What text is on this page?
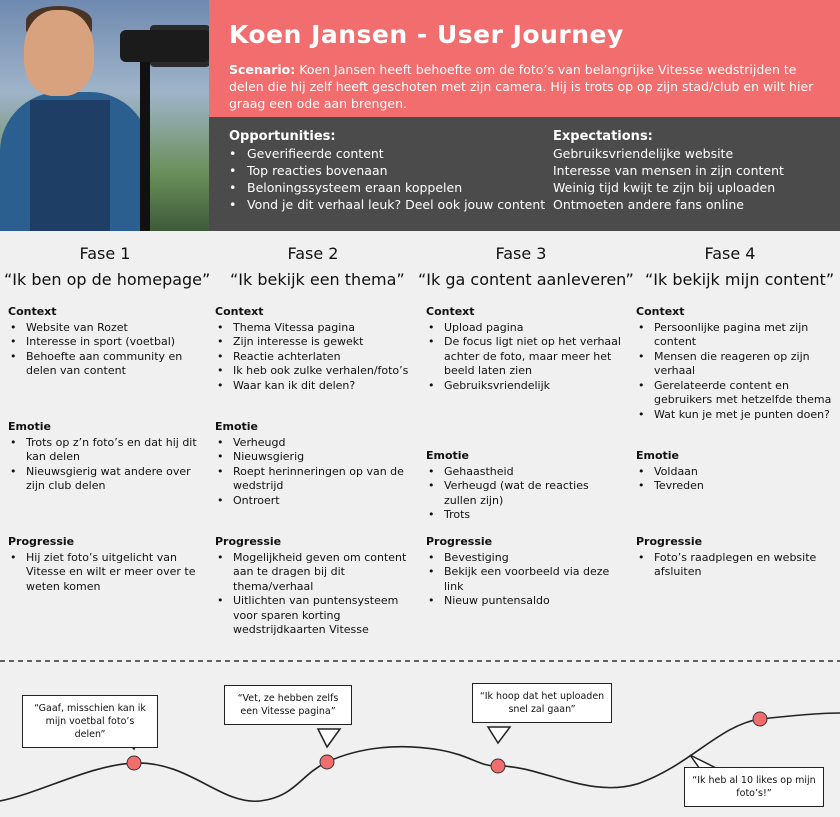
Koen Jansen - User Journey

Scenario: Koen Jansen heeft behoefte om de foto’s van belangrijke Vitesse wedstrijden te delen die hij zelf heeft geschoten met zijn camera. Hij is trots op op zijn stad/club en wilt hier graag een ode aan brengen.

Opportunities:
• Geverifieerde content
• Top reacties bovenaan
• Beloningssysteem eraan koppelen
• Vond je dit verhaal leuk? Deel ook jouw content
Expectations:
Gebruiksvriendelijke website
Interesse van mensen in zijn content
Weinig tijd kwijt te zijn bij uploaden
Ontmoeten andere fans online
Fase 1
“Ik ben op de homepage”
Context
• Website van Rozet
• Interesse in sport (voetbal)
• Behoefte aan community en delen van content
Emotie
• Trots op z’n foto’s en dat hij dit kan delen
• Nieuwsgierig wat andere over zijn club delen
Progressie
• Hij ziet foto’s uitgelicht van Vitesse en wilt er meer over te weten komen
Fase 2
“Ik bekijk een thema”
Context
• Thema Vitessa pagina
• Zijn interesse is gewekt
• Reactie achterlaten
• Ik heb ook zulke verhalen/foto’s
• Waar kan ik dit delen?
Emotie
• Verheugd
• Nieuwsgierig
• Roept herinneringen op van de wedstrijd
• Ontroert
Progressie
• Mogelijkheid geven om content aan te dragen bij dit thema/verhaal
• Uitlichten van puntensysteem voor sparen korting wedstrijdkaarten Vitesse
Fase 3
“Ik ga content aanleveren”
Context
• Upload pagina
• De focus ligt niet op het verhaal achter de foto, maar meer het beeld laten zien
• Gebruiksvriendelijk
Emotie
• Gehaastheid
• Verheugd (wat de reacties zullen zijn)
• Trots
Progressie
• Bevestiging
• Bekijk een voorbeeld via deze link
• Nieuw puntensaldo
Fase 4
“Ik bekijk mijn content”
Context
• Persoonlijke pagina met zijn content
• Mensen die reageren op zijn verhaal
• Gerelateerde content en gebruikers met hetzelfde thema
• Wat kun je met je punten doen?
Emotie
• Voldaan
• Tevreden
Progressie
• Foto’s raadplegen en website afsluiten
“Gaaf, misschien kan ik mijn voetbal foto’s delen”
“Vet, ze hebben zelfs een Vitesse pagina”
“Ik hoop dat het uploaden snel zal gaan”
“Ik heb al 10 likes op mijn foto’s!”
